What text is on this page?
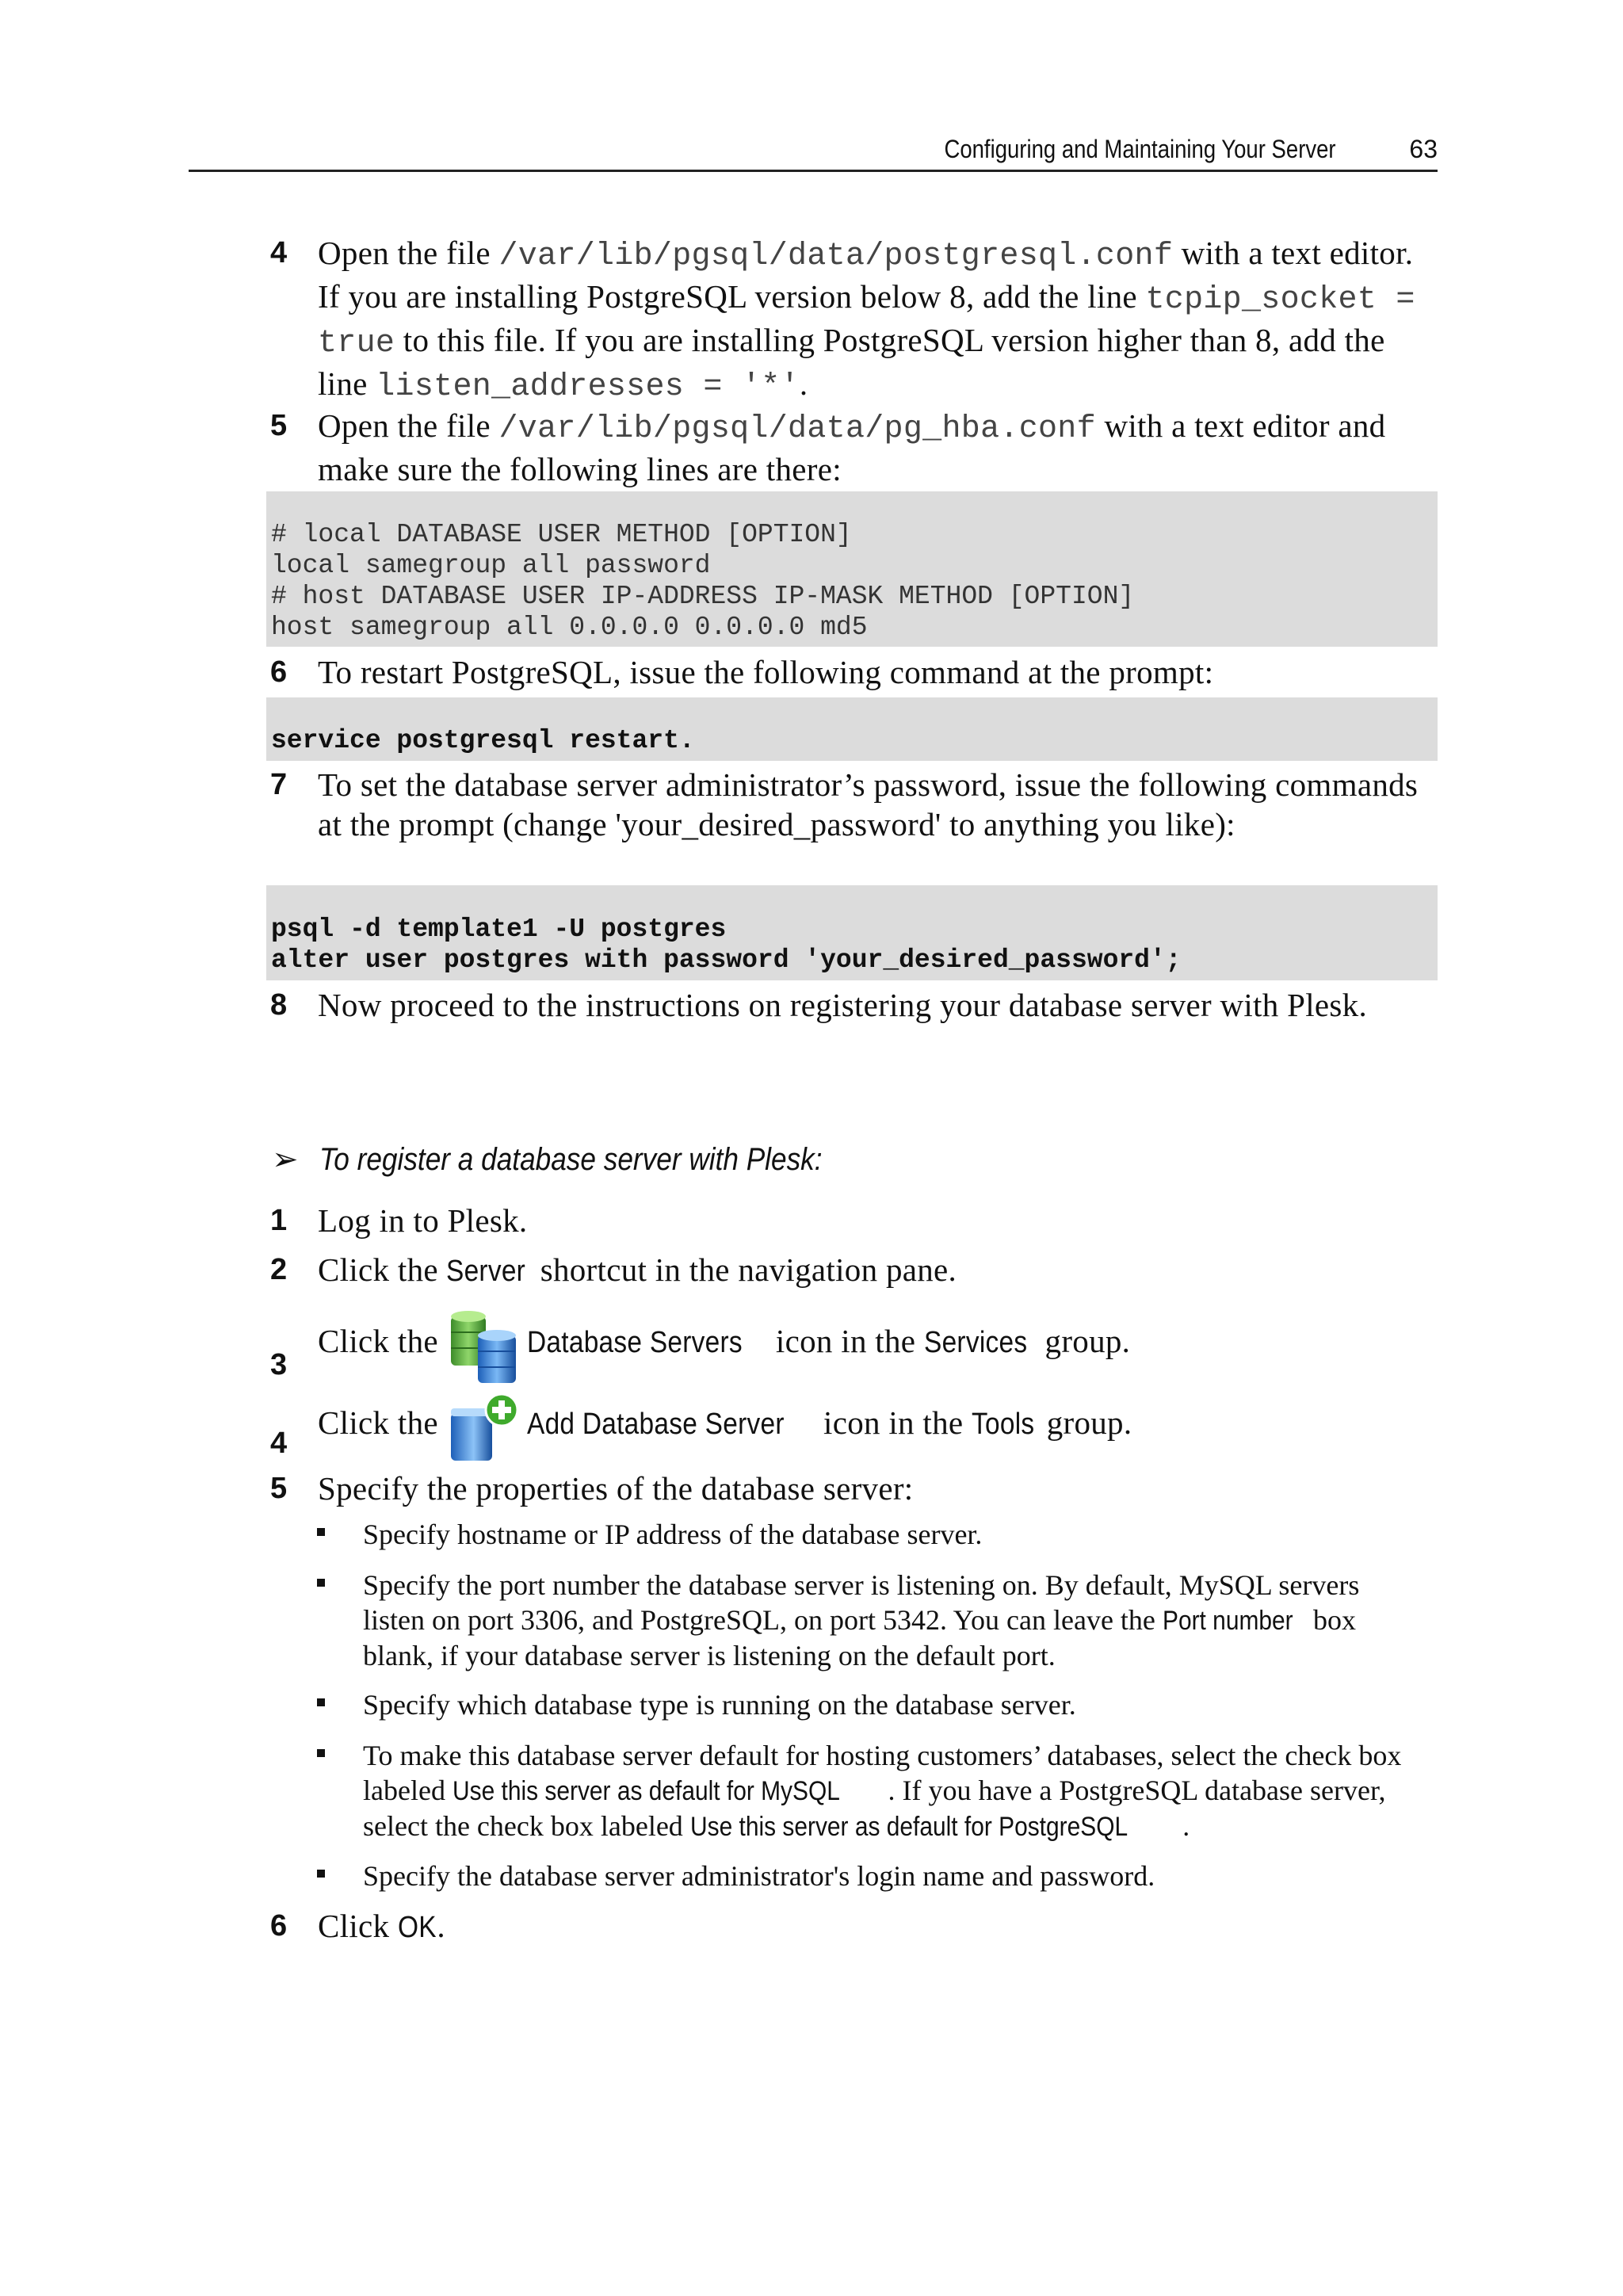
Configuring and Maintaining Your Server	63
4 Open the file /var/lib/pgsql/data/postgresql.conf with a text editor. If you are installing PostgreSQL version below 8, add the line tcpip_socket = true to this file. If you are installing PostgreSQL version higher than 8, add the line listen_addresses = '*'.
5 Open the file /var/lib/pgsql/data/pg_hba.conf with a text editor and make sure the following lines are there:
# local DATABASE USER METHOD [OPTION]
local samegroup all password
# host DATABASE USER IP-ADDRESS IP-MASK METHOD [OPTION]
host samegroup all 0.0.0.0 0.0.0.0 md5
6 To restart PostgreSQL, issue the following command at the prompt:
service postgresql restart.
7 To set the database server administrator’s password, issue the following commands at the prompt (change 'your_desired_password' to anything you like):
psql -d template1 -U postgres
alter user postgres with password 'your_desired_password';
8 Now proceed to the instructions on registering your database server with Plesk.
➢ To register a database server with Plesk:
1 Log in to Plesk.
2 Click the Server shortcut in the navigation pane.
3
Click the	Database Servers icon in the Services group.
4
Click the	Add Database Server icon in the Tools group.
5 Specify the properties of the database server:
Specify hostname or IP address of the database server.
Specify the port number the database server is listening on. By default, MySQL servers listen on port 3306, and PostgreSQL, on port 5342. You can leave the Port number box blank, if your database server is listening on the default port.
Specify which database type is running on the database server.
To make this database server default for hosting customers’ databases, select the check box labeled Use this server as default for MySQL . If you have a PostgreSQL database server, select the check box labeled Use this server as default for PostgreSQL .
Specify the database server administrator's login name and password.
6 Click OK.
